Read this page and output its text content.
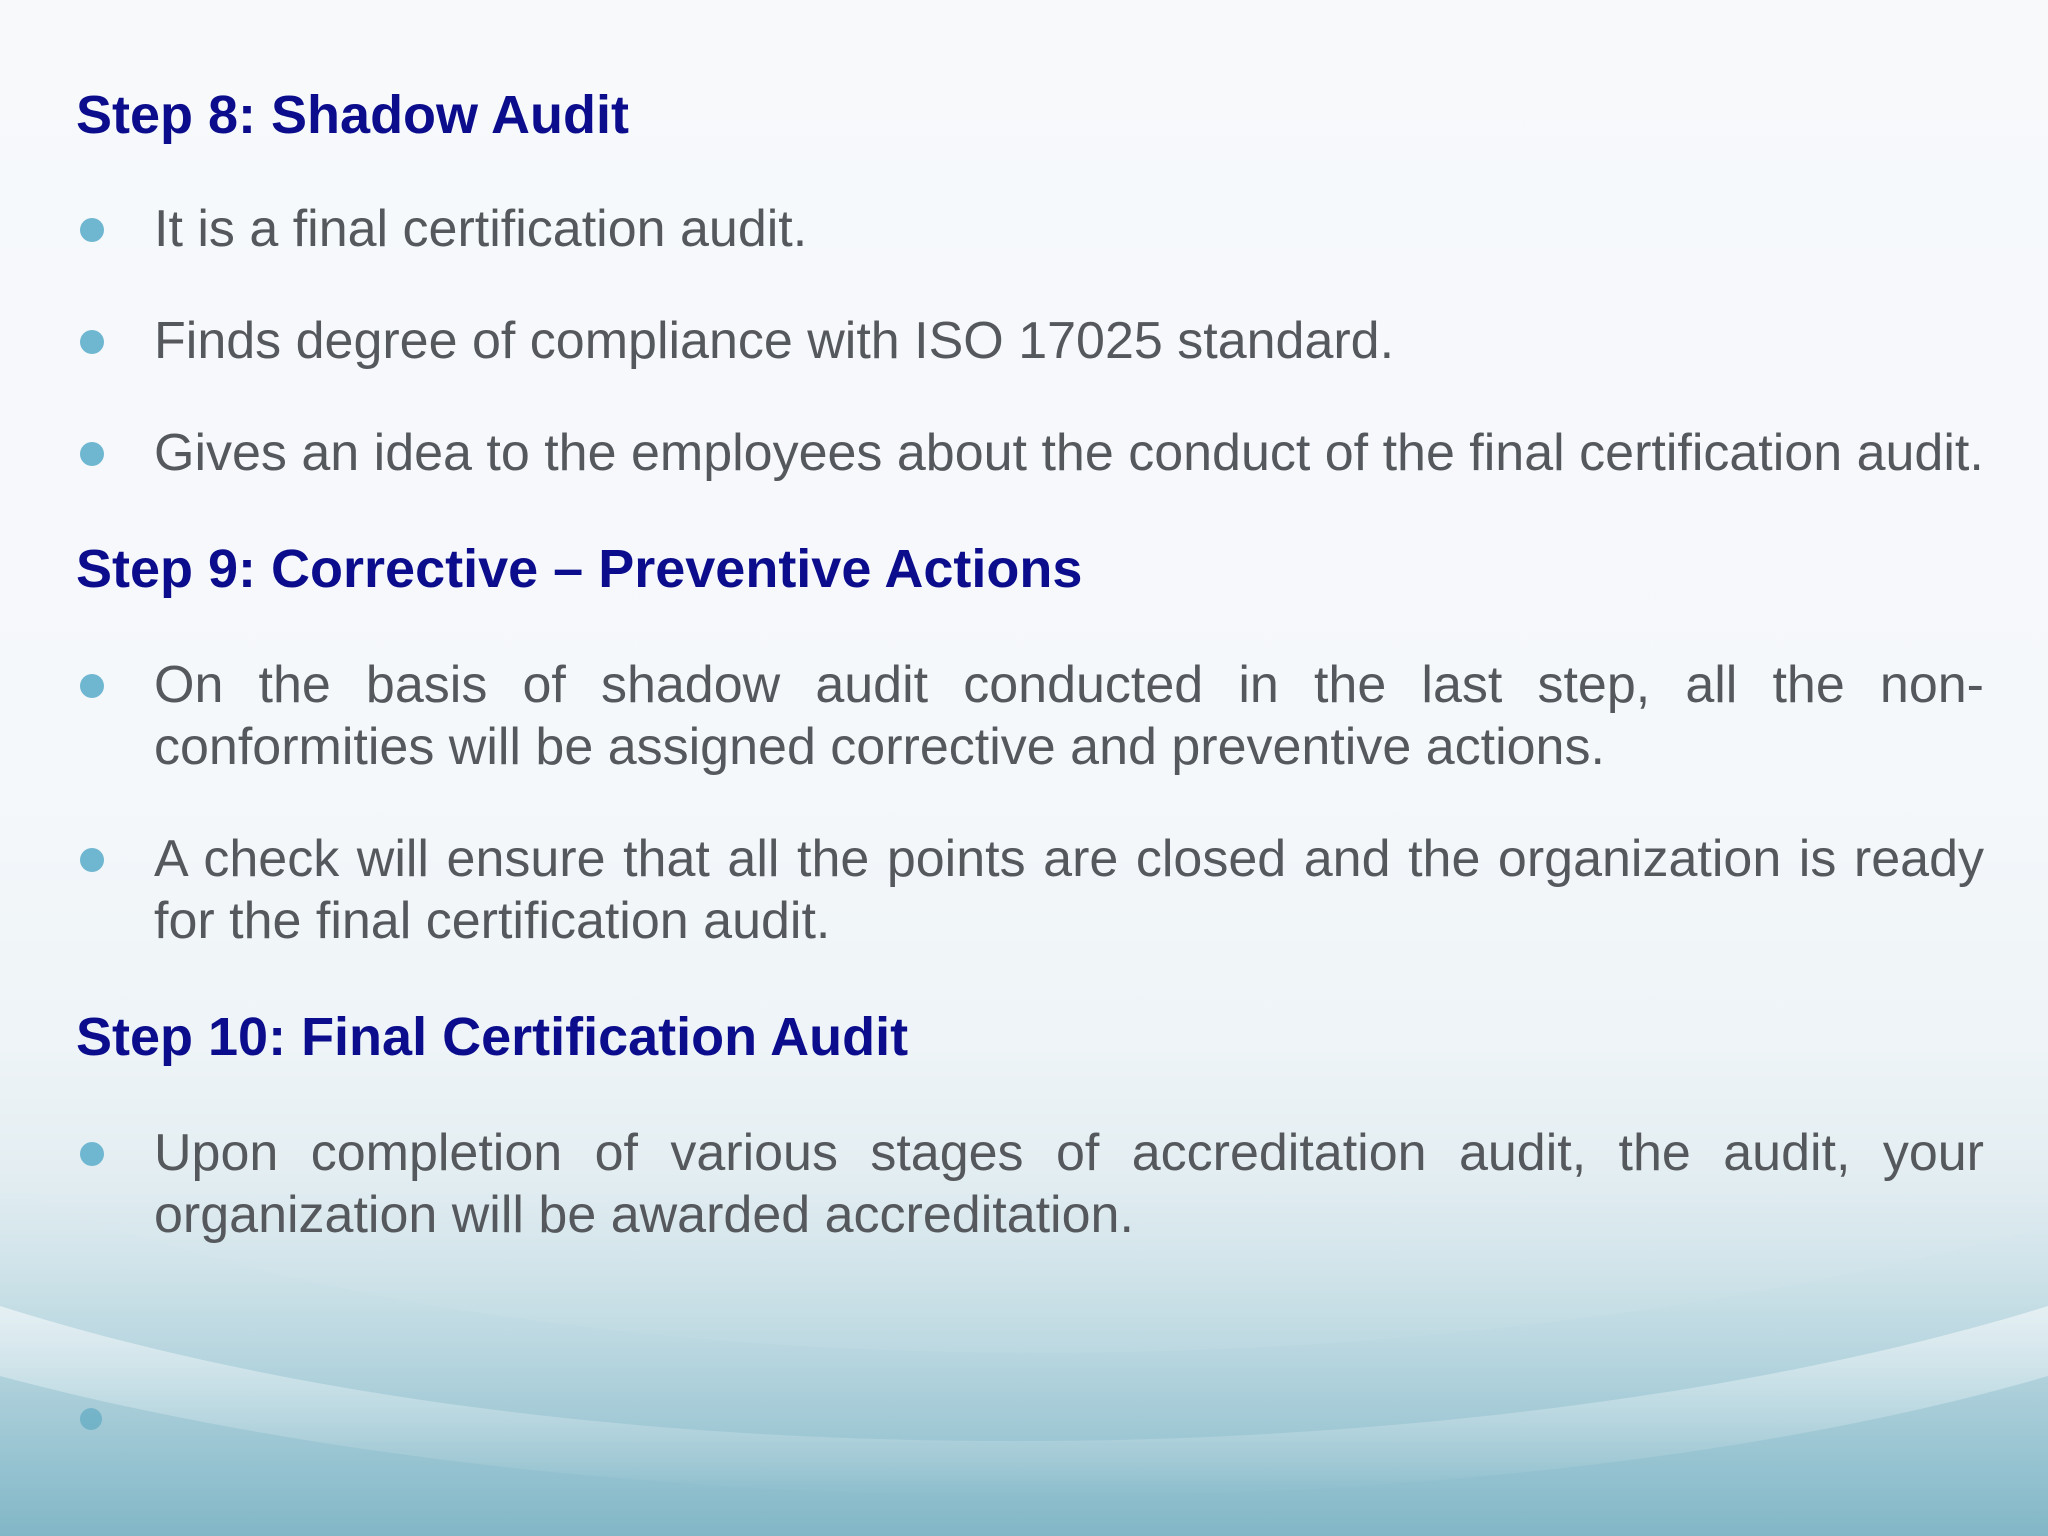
Step 8: Shadow Audit
It is a final certification audit.
Finds degree of compliance with ISO 17025 standard.
Gives an idea to the employees about the conduct of the final certification audit.
Step 9: Corrective – Preventive Actions
On the basis of shadow audit conducted in the last step, all the non-conformities will be assigned corrective and preventive actions.
A check will ensure that all the points are closed and the organization is ready for the final certification audit.
Step 10: Final Certification Audit
Upon completion of various stages of accreditation audit, the audit, your organization will be awarded accreditation.
